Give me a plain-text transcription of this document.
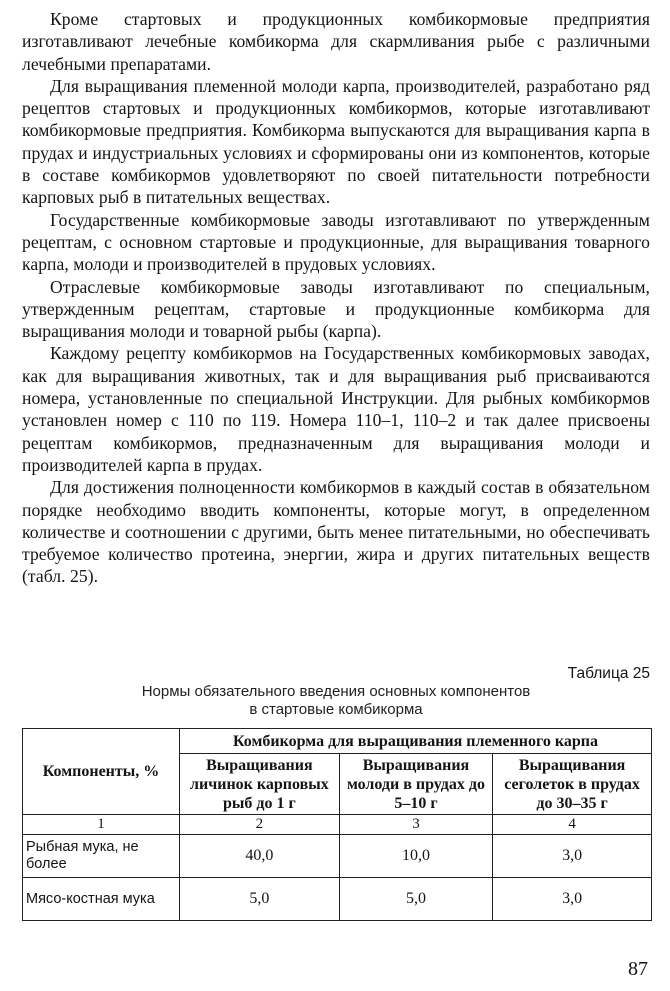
Кроме стартовых и продукционных комбикормовые предприятия изготавливают лечебные комбикорма для скармливания рыбе с различными лечебными препаратами.

Для выращивания племенной молоди карпа, производителей, разработано ряд рецептов стартовых и продукционных комбикормов, которые изготавливают комбикормовые предприятия. Комбикорма выпускаются для выращивания карпа в прудах и индустриальных условиях и сформированы они из компонентов, которые в составе комбикормов удовлетворяют по своей питательности потребности карповых рыб в питательных веществах.

Государственные комбикормовые заводы изготавливают по утвержденным рецептам, с основном стартовые и продукционные, для выращивания товарного карпа, молоди и производителей в прудовых условиях.

Отраслевые комбикормовые заводы изготавливают по специальным, утвержденным рецептам, стартовые и продукционные комбикорма для выращивания молоди и товарной рыбы (карпа).

Каждому рецепту комбикормов на Государственных комбикормовых заводах, как для выращивания животных, так и для выращивания рыб присваиваются номера, установленные по специальной Инструкции. Для рыбных комбикормов установлен номер с 110 по 119. Номера 110–1, 110–2 и так далее присвоены рецептам комбикормов, предназначенным для выращивания молоди и производителей карпа в прудах.

Для достижения полноценности комбикормов в каждый состав в обязательном порядке необходимо вводить компоненты, которые могут, в определенном количестве и соотношении с другими, быть менее питательными, но обеспечивать требуемое количество протеина, энергии, жира и других питательных веществ (табл. 25).

Таблица 25
Нормы обязательного введения основных компонентов
в стартовые комбикорма
Компоненты, %	Комбикорма для выращивания племенного карпа		
	Выращивания личинок карповых рыб до 1 г	Выращивания молоди в прудах до 5–10 г	Выращивания сеголеток в прудах до 30–35 г
1	2	3	4
Рыбная мука, не более	40,0	10,0	3,0
Мясо-костная мука	5,0	5,0	3,0
87
